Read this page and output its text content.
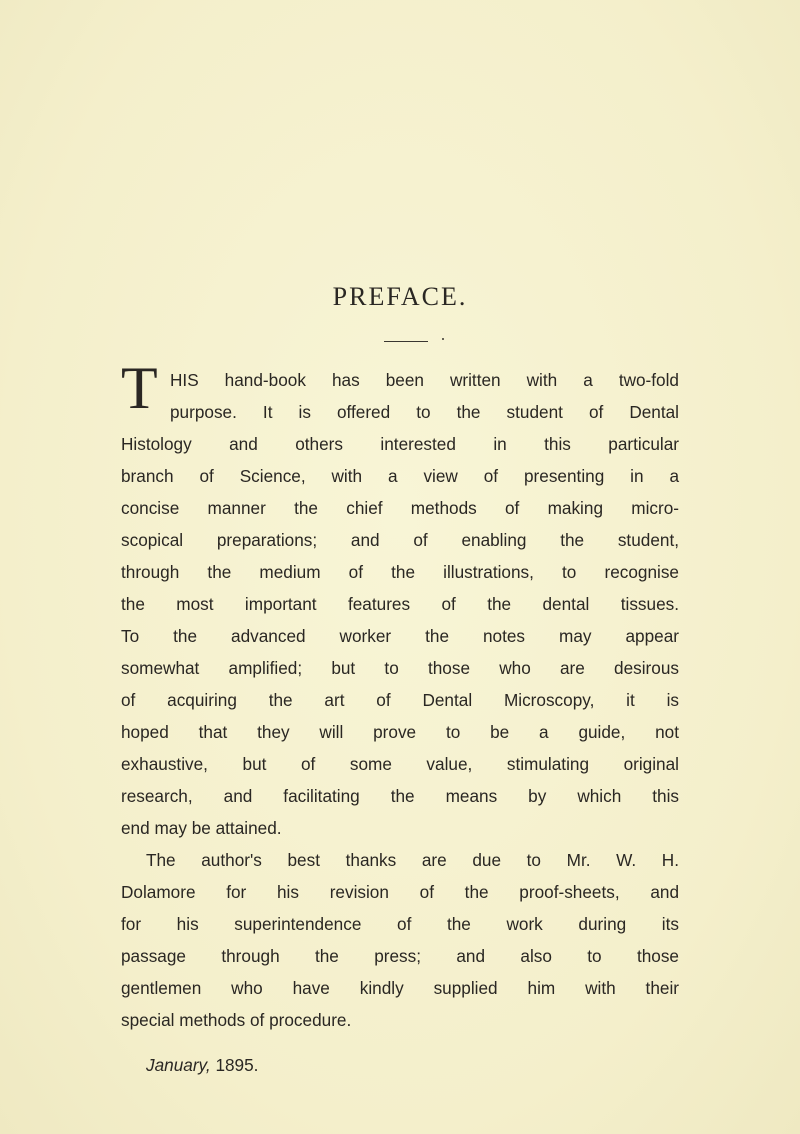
PREFACE.
T HIS hand-book has been written with a two-fold
purpose. It is offered to the student of Dental
Histology and others interested in this particular
branch of Science, with a view of presenting in a
concise manner the chief methods of making micro-
scopical preparations; and of enabling the student,
through the medium of the illustrations, to recognise
the most important features of the dental tissues.
To the advanced worker the notes may appear
somewhat amplified; but to those who are desirous
of acquiring the art of Dental Microscopy, it is
hoped that they will prove to be a guide, not
exhaustive, but of some value, stimulating original
research, and facilitating the means by which this
end may be attained.
The author's best thanks are due to Mr. W. H.
Dolamore for his revision of the proof-sheets, and
for his superintendence of the work during its
passage through the press; and also to those
gentlemen who have kindly supplied him with their
special methods of procedure.
January, 1895.
